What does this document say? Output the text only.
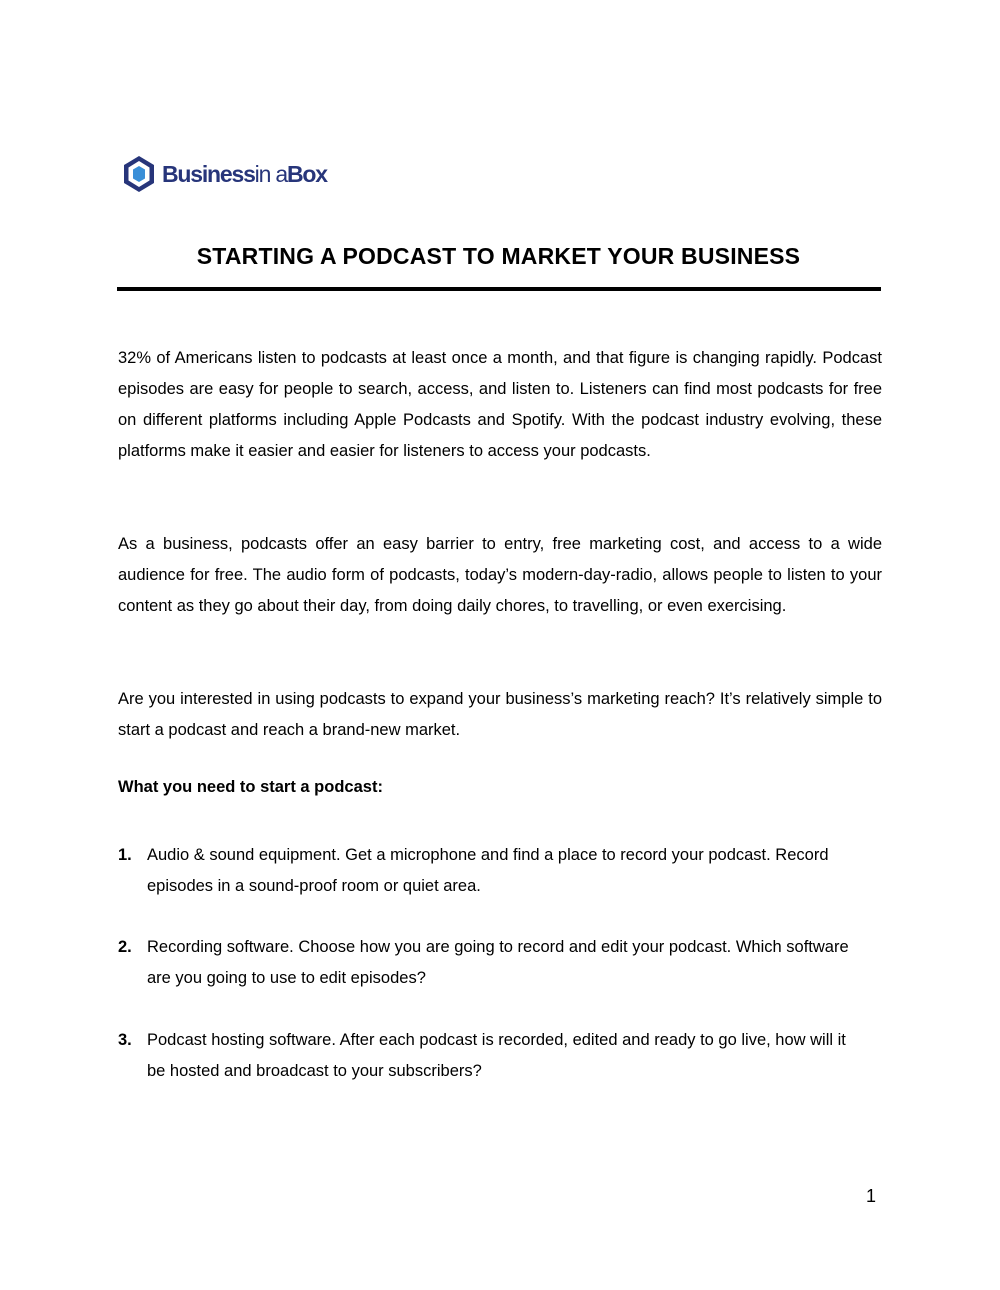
Businessin aBox
STARTING A PODCAST TO MARKET YOUR BUSINESS

32% of Americans listen to podcasts at least once a month, and that figure is changing rapidly. Podcast episodes are easy for people to search, access, and listen to. Listeners can find most podcasts for free on different platforms including Apple Podcasts and Spotify. With the podcast industry evolving, these platforms make it easier and easier for listeners to access your podcasts.

As a business, podcasts offer an easy barrier to entry, free marketing cost, and access to a wide audience for free. The audio form of podcasts, today’s modern-day-radio, allows people to listen to your content as they go about their day, from doing daily chores, to travelling, or even exercising.

Are you interested in using podcasts to expand your business’s marketing reach? It’s relatively simple to start a podcast and reach a brand-new market.

What you need to start a podcast:

1. Audio & sound equipment. Get a microphone and find a place to record your podcast. Record episodes in a sound-proof room or quiet area.
2. Recording software. Choose how you are going to record and edit your podcast. Which software are you going to use to edit episodes?
3. Podcast hosting software. After each podcast is recorded, edited and ready to go live, how will it be hosted and broadcast to your subscribers?
1
